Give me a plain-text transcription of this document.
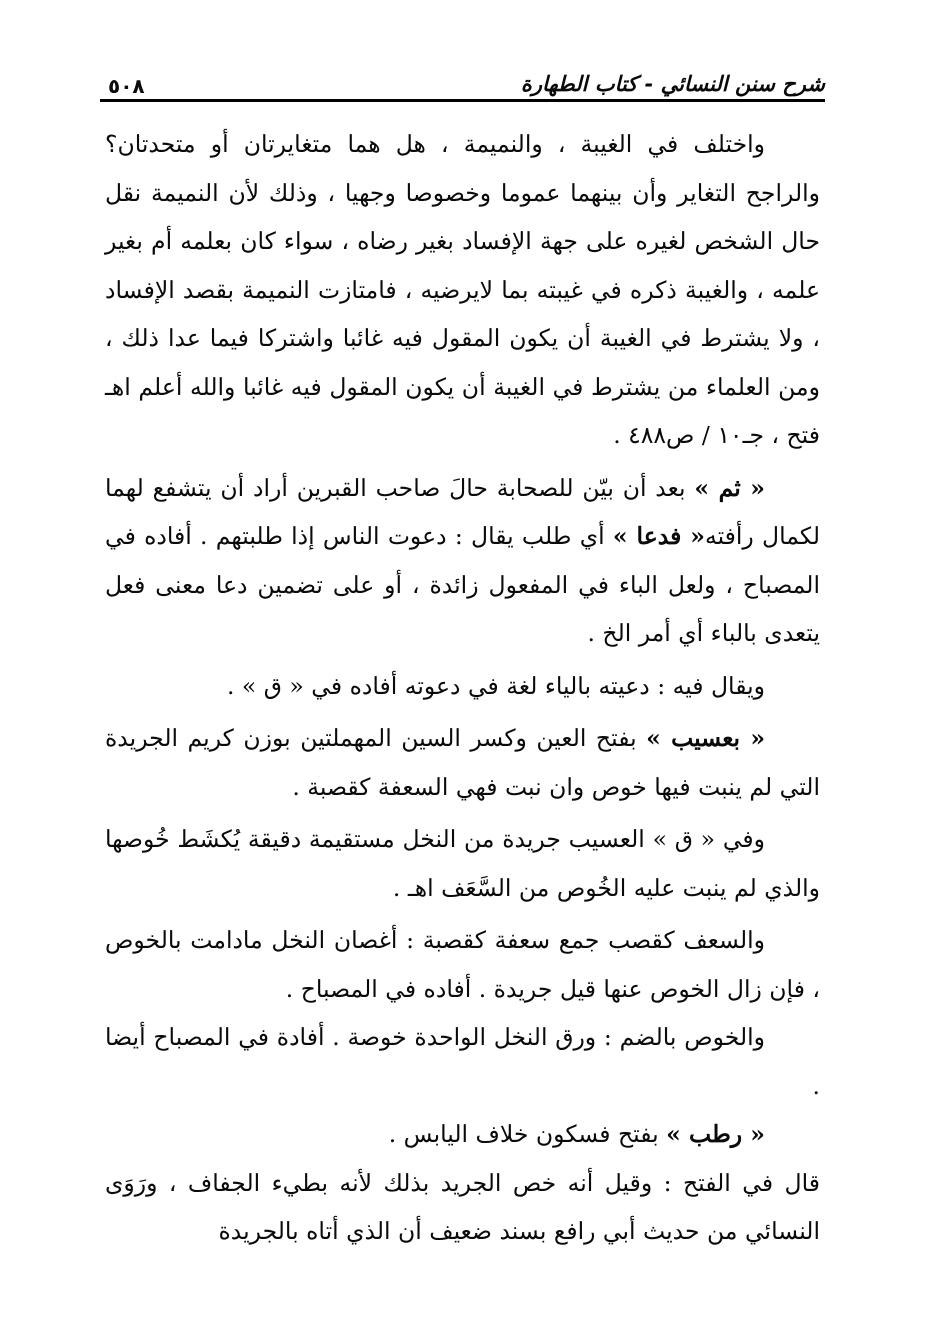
شرح سنن النسائي - كتاب الطهارة
٥٠٨

واختلف في الغيبة ، والنميمة ، هل هما متغايرتان أو متحدتان؟ والراجح التغاير وأن بينهما عموما وخصوصا وجهيا ، وذلك لأن النميمة نقل حال الشخص لغيره على جهة الإفساد بغير رضاه ، سواء كان بعلمه أم بغير علمه ، والغيبة ذكره في غيبته بما لايرضيه ، فامتازت النميمة بقصد الإفساد ، ولا يشترط في الغيبة أن يكون المقول فيه غائبا واشتركا فيما عدا ذلك ، ومن العلماء من يشترط في الغيبة أن يكون المقول فيه غائبا والله أعلم اهـ فتح ، جـ١٠ / ص٤٨٨ .

« ثم » بعد أن بيّن للصحابة حالَ صاحب القبرين أراد أن يتشفع لهما لكمال رأفته« فدعا » أي طلب يقال : دعوت الناس إذا طلبتهم . أفاده في المصباح ، ولعل الباء في المفعول زائدة ، أو على تضمين دعا معنى فعل يتعدى بالباء أي أمر الخ .

ويقال فيه : دعيته بالياء لغة في دعوته أفاده في « ق » .

« بعسيب » بفتح العين وكسر السين المهملتين بوزن كريم الجريدة التي لم ينبت فيها خوص وان نبت فهي السعفة كقصبة .

وفي « ق » العسيب جريدة من النخل مستقيمة دقيقة يُكشَط خُوصها والذي لم ينبت عليه الخُوص من السَّعَف اهـ .

والسعف كقصب جمع سعفة كقصبة : أغصان النخل مادامت بالخوص ، فإن زال الخوص عنها قيل جريدة . أفاده في المصباح .

والخوص بالضم : ورق النخل الواحدة خوصة . أفادة في المصباح أيضا .

« رطب » بفتح فسكون خلاف اليابس .

قال في الفتح : وقيل أنه خص الجريد بذلك لأنه بطيء الجفاف ، ورَوَى النسائي من حديث أبي رافع بسند ضعيف أن الذي أتاه بالجريدة
